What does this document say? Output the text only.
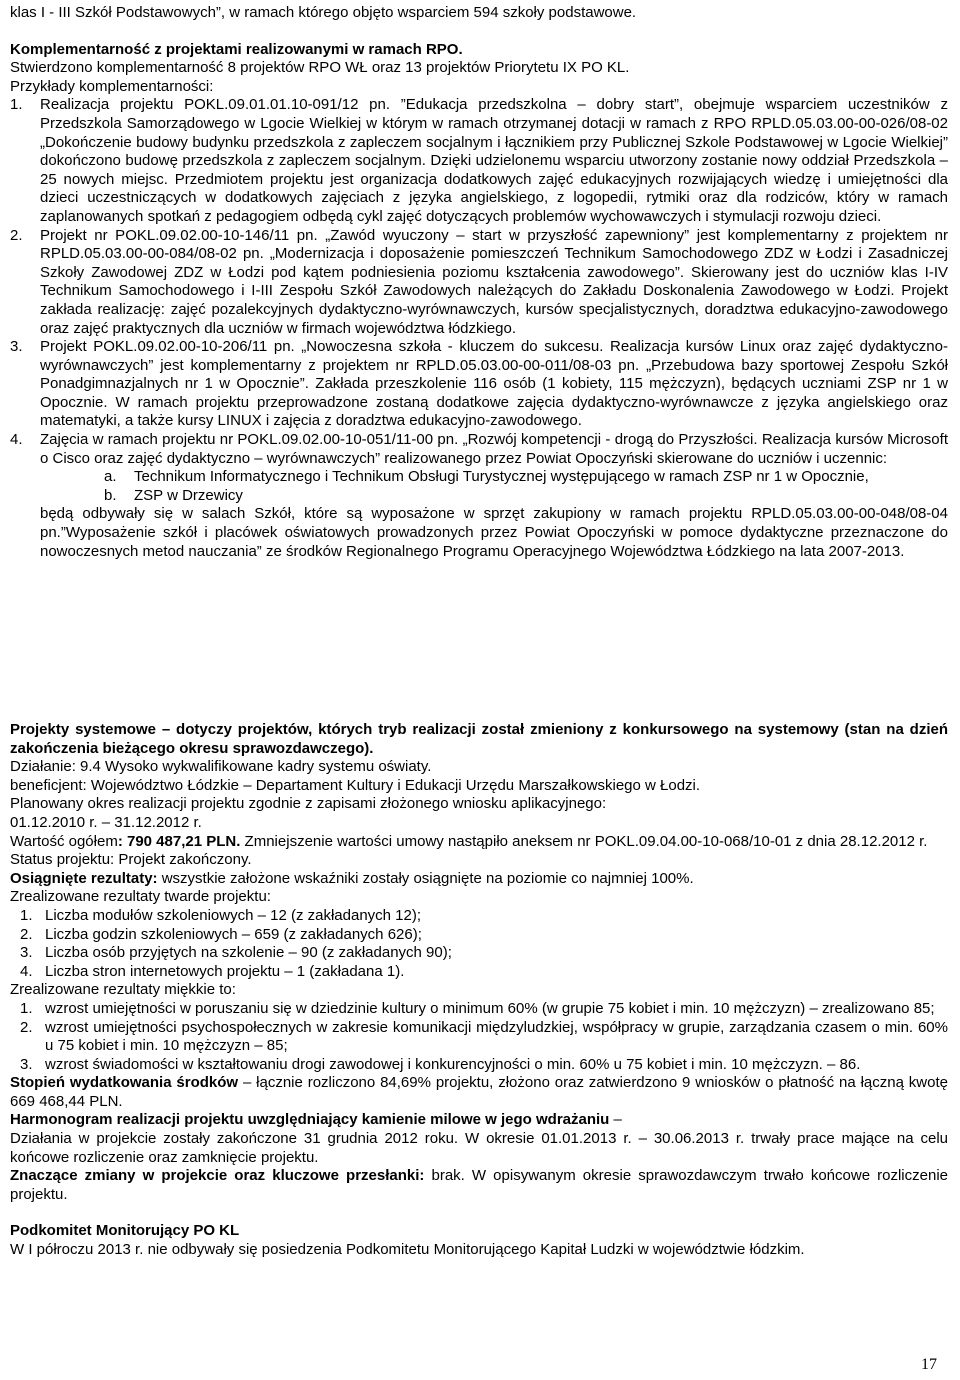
klas I - III Szkół Podstawowych”, w ramach którego objęto wsparciem 594 szkoły podstawowe.

Komplementarność z projektami realizowanymi w ramach RPO.

Stwierdzono komplementarność 8 projektów RPO WŁ oraz 13 projektów Priorytetu IX PO KL.

Przykłady komplementarności:

1.	Realizacja projektu POKL.09.01.01.10-091/12 pn. ”Edukacja przedszkolna – dobry start”, obejmuje wsparciem uczestników z Przedszkola Samorządowego w Lgocie Wielkiej w którym w ramach otrzymanej dotacji w ramach z RPO RPLD.05.03.00-00-026/08-02 „Dokończenie budowy budynku przedszkola z zapleczem socjalnym i łącznikiem przy Publicznej Szkole Podstawowej w Lgocie Wielkiej” dokończono budowę przedszkola z zapleczem socjalnym. Dzięki udzielonemu wsparciu utworzony zostanie nowy oddział Przedszkola – 25 nowych miejsc. Przedmiotem projektu jest organizacja dodatkowych zajęć edukacyjnych rozwijających wiedzę i umiejętności dla dzieci uczestniczących w dodatkowych zajęciach z języka angielskiego, z logopedii, rytmiki oraz dla rodziców, który w ramach zaplanowanych spotkań z pedagogiem odbędą cykl zajęć dotyczących problemów wychowawczych i stymulacji rozwoju dzieci.
2.	Projekt nr POKL.09.02.00-10-146/11 pn. „Zawód wyuczony – start w przyszłość zapewniony” jest komplementarny z projektem nr RPLD.05.03.00-00-084/08-02 pn. „Modernizacja i doposażenie pomieszczeń Technikum Samochodowego ZDZ w Łodzi i Zasadniczej Szkoły Zawodowej ZDZ w Łodzi pod kątem podniesienia poziomu kształcenia zawodowego”. Skierowany jest do uczniów klas I-IV Technikum Samochodowego i I-III Zespołu Szkół Zawodowych należących do Zakładu Doskonalenia Zawodowego w Łodzi. Projekt zakłada realizację: zajęć pozalekcyjnych dydaktyczno-wyrównawczych, kursów specjalistycznych, doradztwa edukacyjno-zawodowego oraz zajęć praktycznych dla uczniów w firmach województwa łódzkiego.
3.	Projekt POKL.09.02.00-10-206/11 pn. „Nowoczesna szkoła - kluczem do sukcesu. Realizacja kursów Linux oraz zajęć dydaktyczno-wyrównawczych” jest komplementarny z projektem nr RPLD.05.03.00-00-011/08-03 pn. „Przebudowa bazy sportowej Zespołu Szkół Ponadgimnazjalnych nr 1 w Opocznie”. Zakłada przeszkolenie 116 osób (1 kobiety, 115 mężczyzn), będących uczniami ZSP nr 1 w Opocznie. W ramach projektu przeprowadzone zostaną dodatkowe zajęcia dydaktyczno-wyrównawcze z języka angielskiego oraz matematyki, a także kursy LINUX i zajęcia z doradztwa edukacyjno-zawodowego.
4.	Zajęcia w ramach projektu nr POKL.09.02.00-10-051/11-00 pn. „Rozwój kompetencji - drogą do Przyszłości. Realizacja kursów Microsoft o Cisco oraz zajęć dydaktyczno – wyrównawczych” realizowanego przez Powiat Opoczyński skierowane do uczniów i uczennic:
a.	Technikum Informatycznego i Technikum Obsługi Turystycznej występującego w ramach ZSP nr 1 w Opocznie,
b.	ZSP w Drzewicy

będą odbywały się w salach Szkół, które są wyposażone w sprzęt zakupiony w ramach projektu RPLD.05.03.00-00-048/08-04 pn.”Wyposażenie szkół i placówek oświatowych prowadzonych przez Powiat Opoczyński w pomoce dydaktyczne przeznaczone do nowoczesnych metod nauczania” ze środków Regionalnego Programu Operacyjnego Województwa Łódzkiego na lata 2007-2013.

Projekty systemowe – dotyczy projektów, których tryb realizacji został zmieniony z konkursowego na systemowy (stan na dzień zakończenia bieżącego okresu sprawozdawczego).

Działanie: 9.4 Wysoko wykwalifikowane kadry systemu oświaty.

beneficjent: Województwo Łódzkie – Departament Kultury i Edukacji Urzędu Marszałkowskiego w Łodzi.

Planowany okres realizacji projektu zgodnie z zapisami złożonego wniosku aplikacyjnego:

01.12.2010 r. – 31.12.2012 r.

Wartość ogółem: 790 487,21 PLN. Zmniejszenie wartości umowy nastąpiło aneksem nr POKL.09.04.00-10-068/10-01 z dnia 28.12.2012 r.

Status projektu: Projekt zakończony.

Osiągnięte rezultaty: wszystkie założone wskaźniki zostały osiągnięte na poziomie co najmniej 100%.

Zrealizowane rezultaty twarde projektu:

1. Liczba modułów szkoleniowych – 12 (z zakładanych 12);
2. Liczba godzin szkoleniowych – 659 (z zakładanych 626);
3. Liczba osób przyjętych na szkolenie – 90 (z zakładanych 90);
4. Liczba stron internetowych projektu – 1 (zakładana 1).

Zrealizowane rezultaty miękkie to:

1. wzrost umiejętności w poruszaniu się w dziedzinie kultury o minimum 60% (w grupie 75 kobiet i min. 10 mężczyzn) – zrealizowano 85;
2. wzrost umiejętności psychospołecznych w zakresie komunikacji międzyludzkiej, współpracy w grupie, zarządzania czasem o min. 60% u 75 kobiet i min. 10 mężczyzn – 85;
3. wzrost świadomości w kształtowaniu drogi zawodowej i konkurencyjności o min. 60% u 75 kobiet i min. 10 mężczyzn. – 86.

Stopień wydatkowania środków – łącznie rozliczono 84,69% projektu, złożono oraz zatwierdzono 9 wniosków o płatność na łączną kwotę 669 468,44 PLN.

Harmonogram realizacji projektu uwzględniający kamienie milowe w jego wdrażaniu –

Działania w projekcie zostały zakończone 31 grudnia 2012 roku. W okresie 01.01.2013 r. – 30.06.2013 r. trwały prace mające na celu końcowe rozliczenie oraz zamknięcie projektu.

Znaczące zmiany w projekcie oraz kluczowe przesłanki: brak. W opisywanym okresie sprawozdawczym trwało końcowe rozliczenie projektu.

Podkomitet Monitorujący PO KL

W I półroczu 2013 r. nie odbywały się posiedzenia Podkomitetu Monitorującego Kapitał Ludzki w województwie łódzkim.

17
